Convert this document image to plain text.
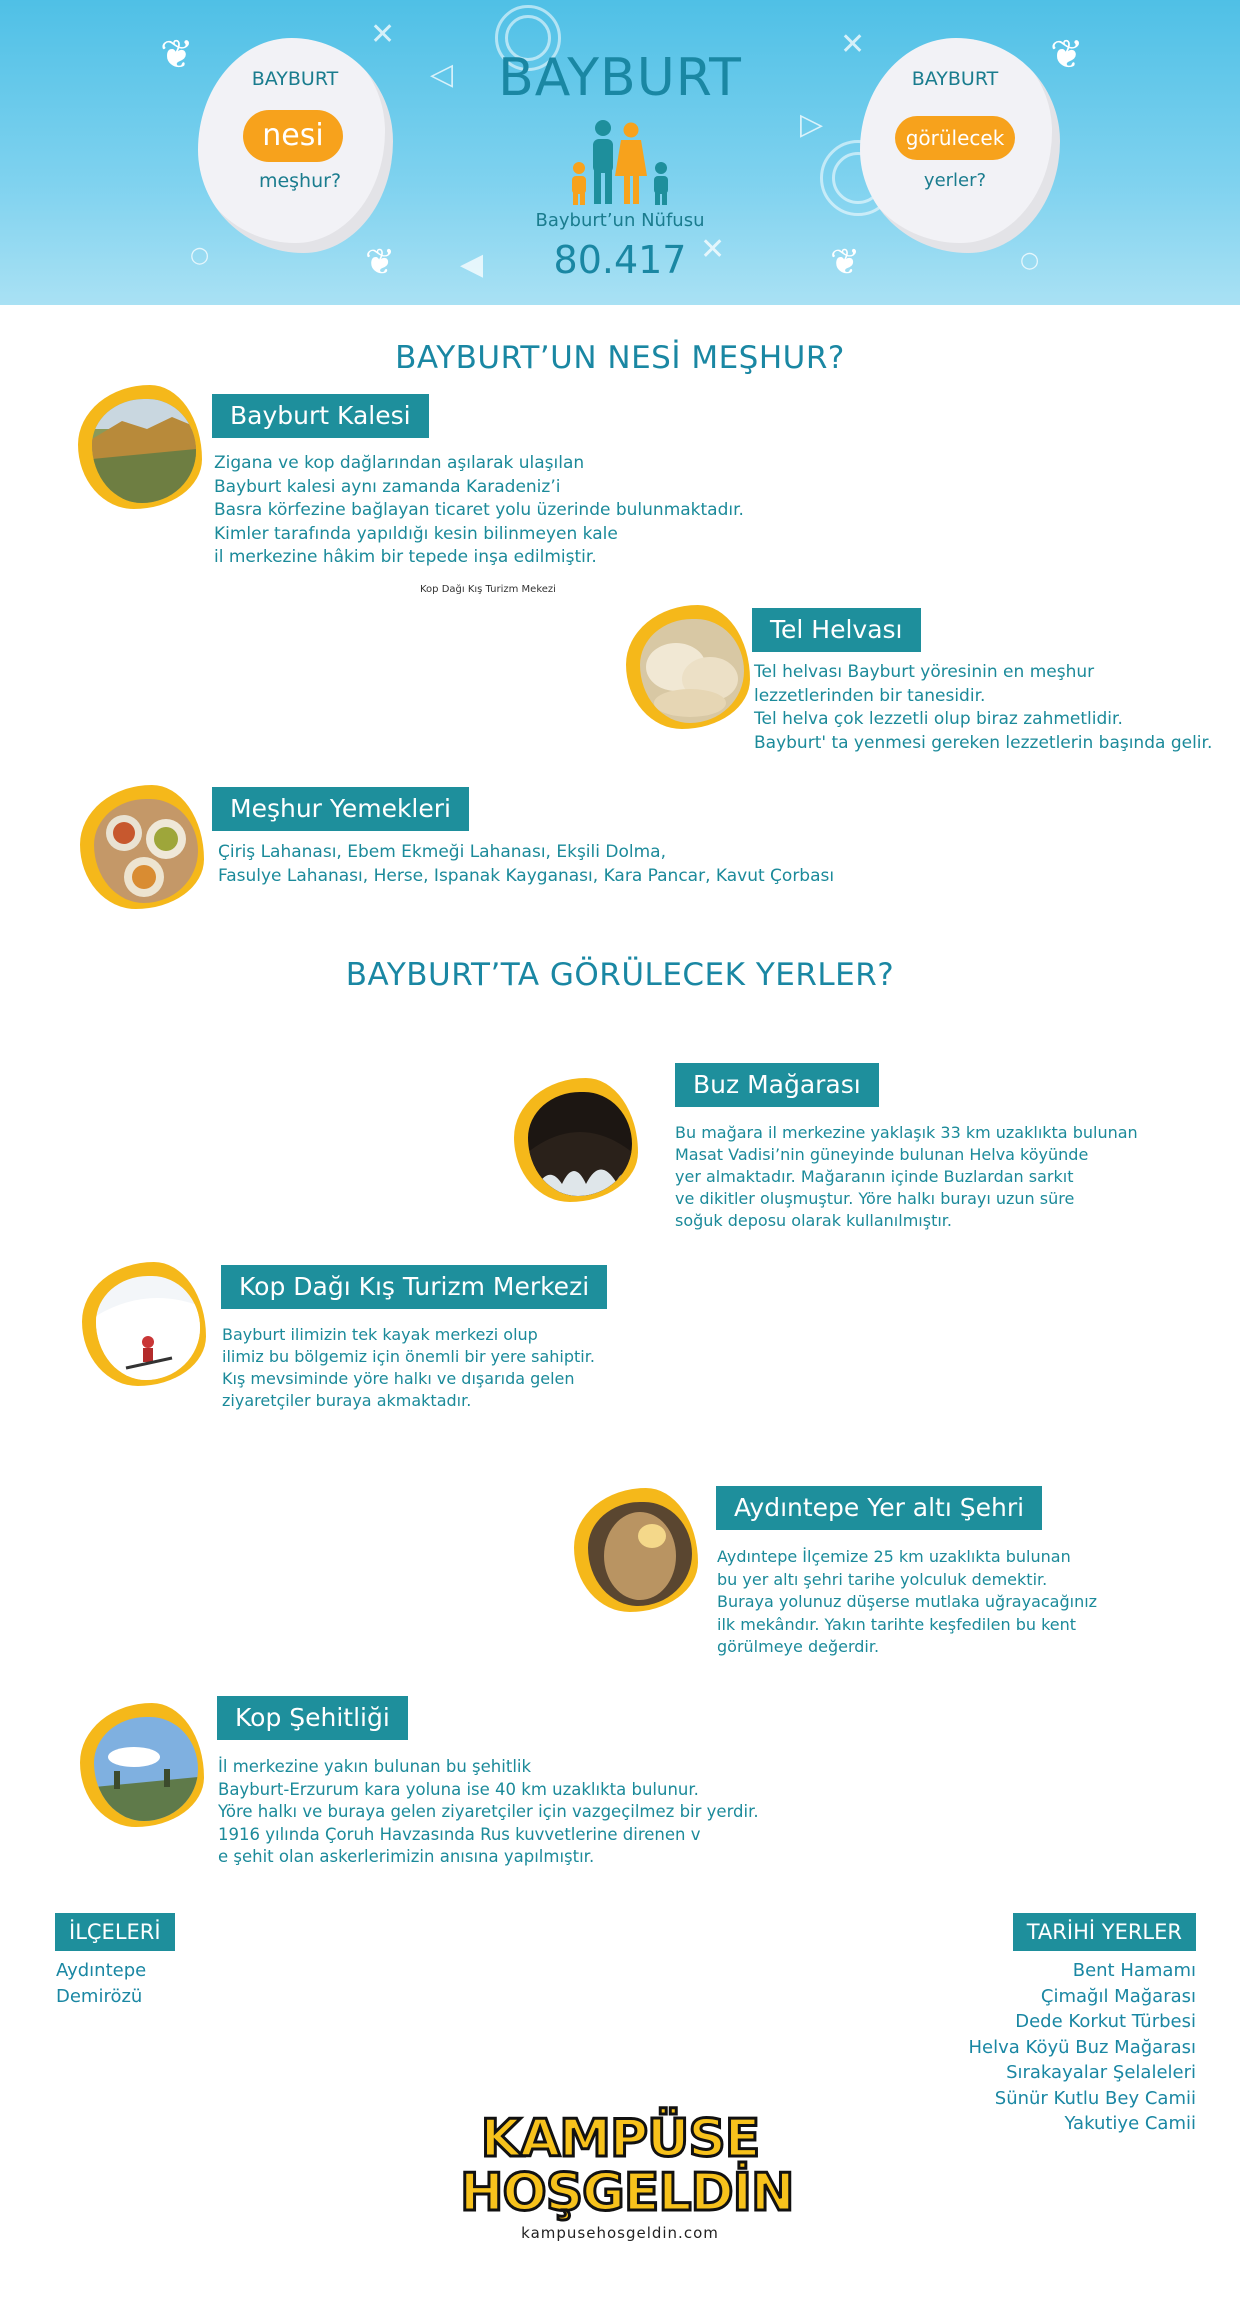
✕
◁
✕
▷
◀	✕
○	○
BAYBURT
nesi
meşhur?
❦
❦
BAYBURT
Bayburt’un Nüfusu
80.417
BAYBURT
görülecek
yerler?
❦
❦
BAYBURT’UN NESİ MEŞHUR?
Bayburt Kalesi
Zigana ve kop dağlarından aşılarak ulaşılan
Bayburt kalesi aynı zamanda Karadeniz’i
Basra körfezine bağlayan ticaret yolu üzerinde bulunmaktadır.
Kimler tarafında yapıldığı kesin bilinmeyen kale
il merkezine hâkim bir tepede inşa edilmiştir.
Kop Dağı Kış Turizm Mekezi
Tel Helvası
Tel helvası Bayburt yöresinin en meşhur
lezzetlerinden bir tanesidir.
Tel helva çok lezzetli olup biraz zahmetlidir.
Bayburt' ta yenmesi gereken lezzetlerin başında gelir.
Meşhur Yemekleri
Çiriş Lahanası, Ebem Ekmeği Lahanası, Ekşili Dolma,
Fasulye Lahanası, Herse, Ispanak Kayganası, Kara Pancar, Kavut Çorbası
BAYBURT’TA GÖRÜLECEK YERLER?
Buz Mağarası
Bu mağara il merkezine yaklaşık 33 km uzaklıkta bulunan
Masat Vadisi’nin güneyinde bulunan Helva köyünde
yer almaktadır. Mağaranın içinde Buzlardan sarkıt
ve dikitler oluşmuştur. Yöre halkı burayı uzun süre
soğuk deposu olarak kullanılmıştır.
Kop Dağı Kış Turizm Merkezi
Bayburt ilimizin tek kayak merkezi olup
ilimiz bu bölgemiz için önemli bir yere sahiptir.
Kış mevsiminde yöre halkı ve dışarıda gelen
ziyaretçiler buraya akmaktadır.
Aydıntepe Yer altı Şehri
Aydıntepe İlçemize 25 km uzaklıkta bulunan
bu yer altı şehri tarihe yolculuk demektir.
Buraya yolunuz düşerse mutlaka uğrayacağınız
ilk mekândır. Yakın tarihte keşfedilen bu kent
görülmeye değerdir.
Kop Şehitliği
İl merkezine yakın bulunan bu şehitlik
Bayburt-Erzurum kara yoluna ise 40 km uzaklıkta bulunur.
Yöre halkı ve buraya gelen ziyaretçiler için vazgeçilmez bir yerdir.
1916 yılında Çoruh Havzasında Rus kuvvetlerine direnen v
e şehit olan askerlerimizin anısına yapılmıştır.
İLÇELERİ
Aydıntepe
Demirözü
TARİHİ YERLER
Bent Hamamı
Çimağıl Mağarası
Dede Korkut Türbesi
Helva Köyü Buz Mağarası
Sırakayalar Şelaleleri
Sünür Kutlu Bey Camii
Yakutiye Camii
KAMPÜSE
HOŞGELDİN
kampusehosgeldin.com
